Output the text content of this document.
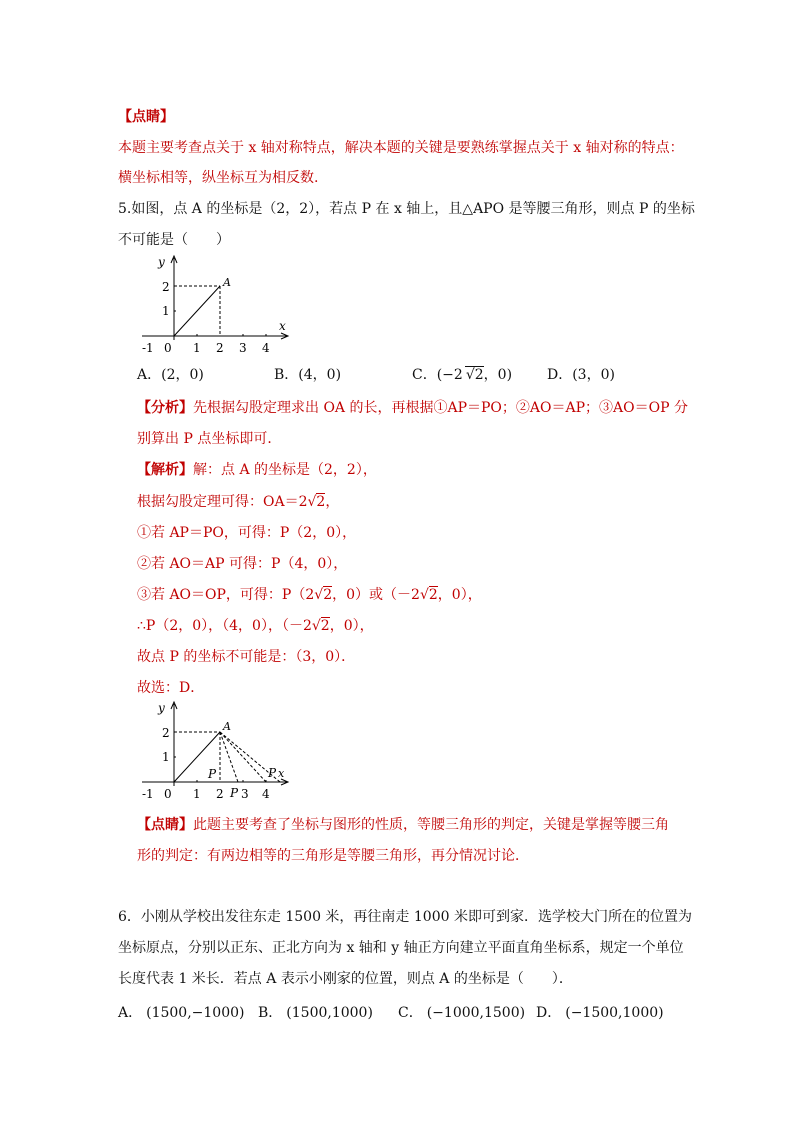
【点睛】
本题主要考查点关于 x 轴对称特点，解决本题的关键是要熟练掌握点关于 x 轴对称的特点：
横坐标相等，纵坐标互为相反数.
5.如图，点 A 的坐标是（2，2），若点 P 在 x 轴上，且△APO 是等腰三角形，则点 P 的坐标
不可能是（　　）
y
x
A
2
1
-1 0 1 2 3 4
A．(2，0)	B．(4，0)	C．(−2 √2，0) D．(3，0)
【分析】先根据勾股定理求出 OA 的长，再根据①AP＝PO；②AO＝AP；③AO＝OP 分
别算出 P 点坐标即可．
【解析】解：点 A 的坐标是（2，2），
根据勾股定理可得：OA＝2√2，
①若 AP＝PO，可得：P（2，0），
②若 AO＝AP 可得：P（4，0），
③若 AO＝OP，可得：P（2√2，0）或（－2√2，0），
∴P（2，0），（4，0），（－2√2，0），
故点 P 的坐标不可能是：（3，0）．
故选：D．
y
A
P
P
P x
2
1
-1 0 1 2 3 4
【点睛】此题主要考查了坐标与图形的性质，等腰三角形的判定，关键是掌握等腰三角
形的判定：有两边相等的三角形是等腰三角形，再分情况讨论．
6．小刚从学校出发往东走 1500 米，再往南走 1000 米即可到家．选学校大门所在的位置为
坐标原点，分别以正东、正北方向为 x 轴和 y 轴正方向建立平面直角坐标系，规定一个单位
长度代表 1 米长．若点 A 表示小刚家的位置，则点 A 的坐标是（　　）．
A． (1500,−1000) B． (1500,1000) C． (−1000,1500) D． (−1500,1000)
